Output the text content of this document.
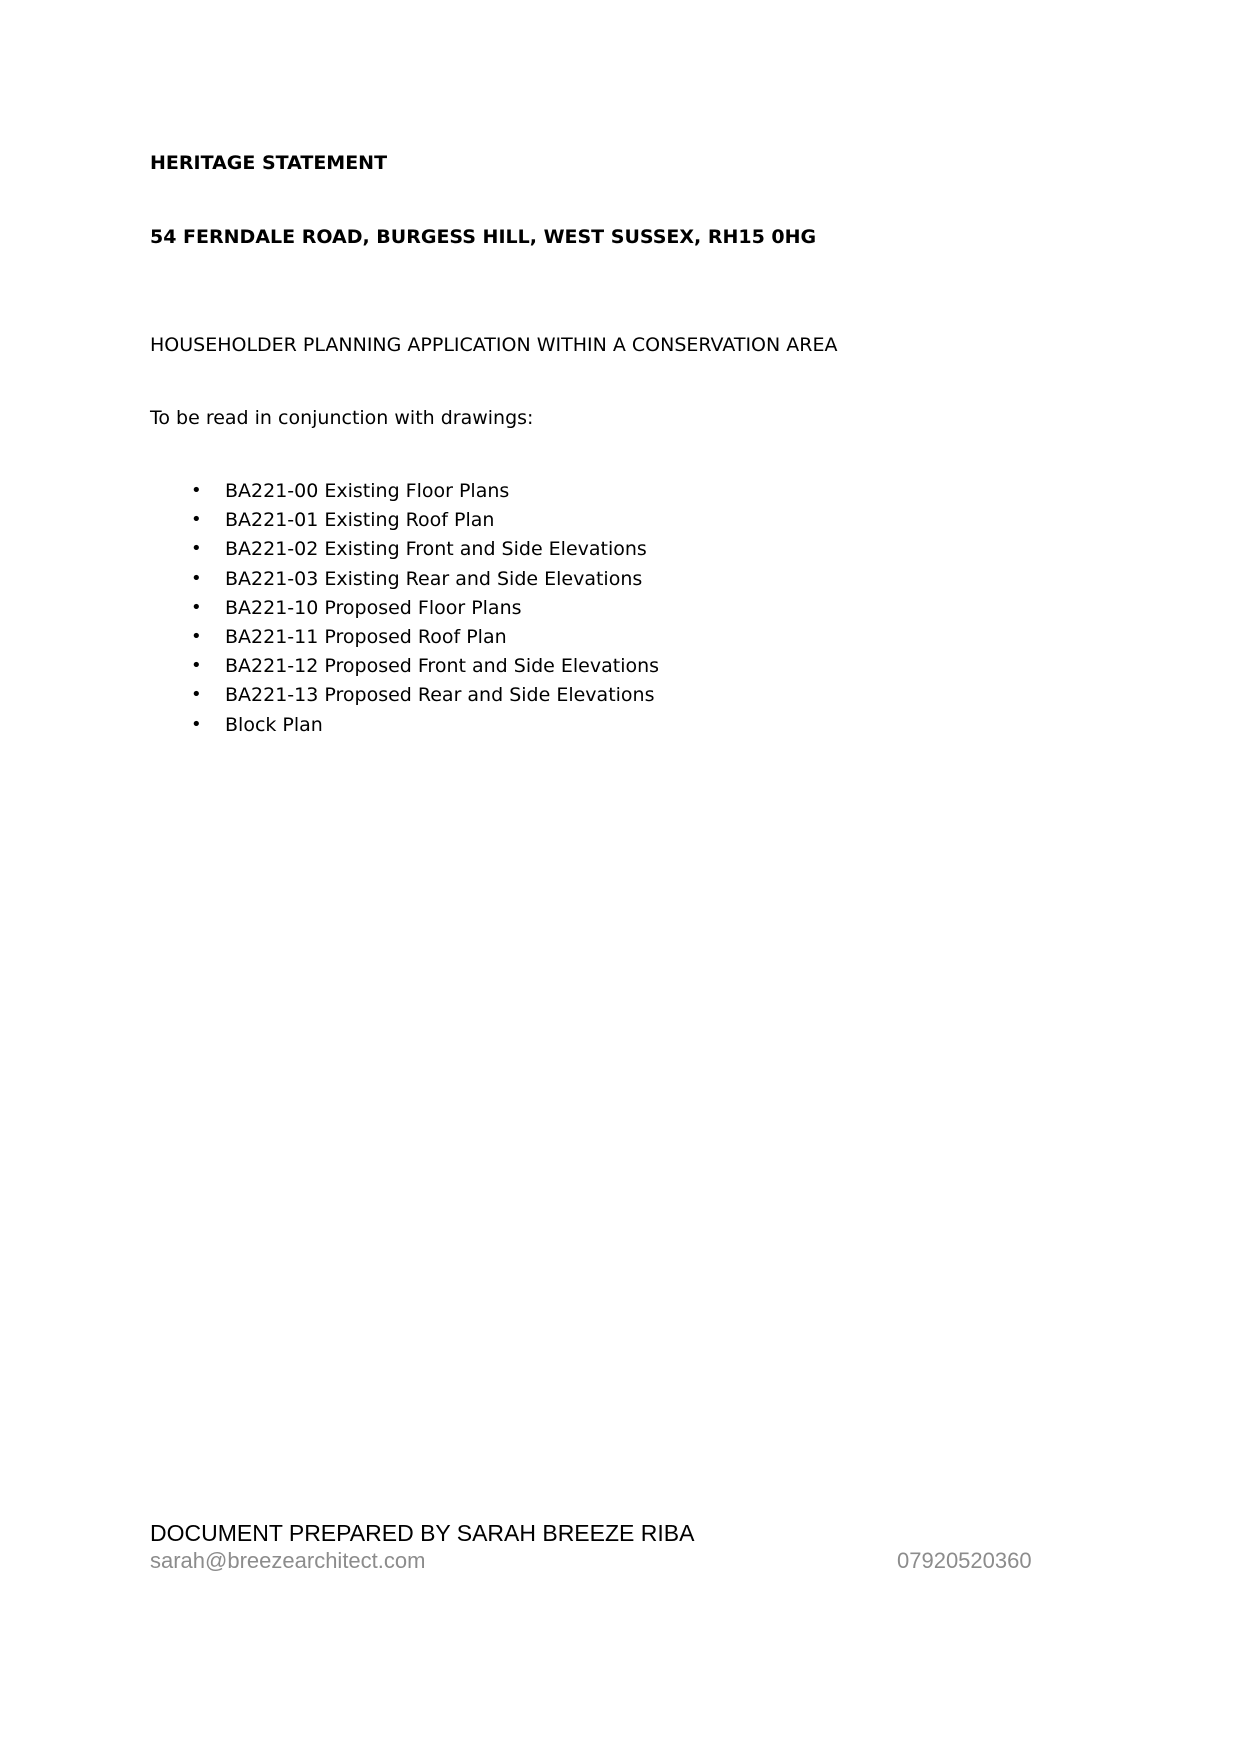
HERITAGE STATEMENT

54 FERNDALE ROAD, BURGESS HILL, WEST SUSSEX, RH15 0HG

HOUSEHOLDER PLANNING APPLICATION WITHIN A CONSERVATION AREA

To be read in conjunction with drawings:

• BA221-00 Existing Floor Plans
• BA221-01 Existing Roof Plan
• BA221-02 Existing Front and Side Elevations
• BA221-03 Existing Rear and Side Elevations
• BA221-10 Proposed Floor Plans
• BA221-11 Proposed Roof Plan
• BA221-12 Proposed Front and Side Elevations
• BA221-13 Proposed Rear and Side Elevations
• Block Plan
DOCUMENT PREPARED BY SARAH BREEZE RIBA
sarah@breezearchitect.com	07920520360
